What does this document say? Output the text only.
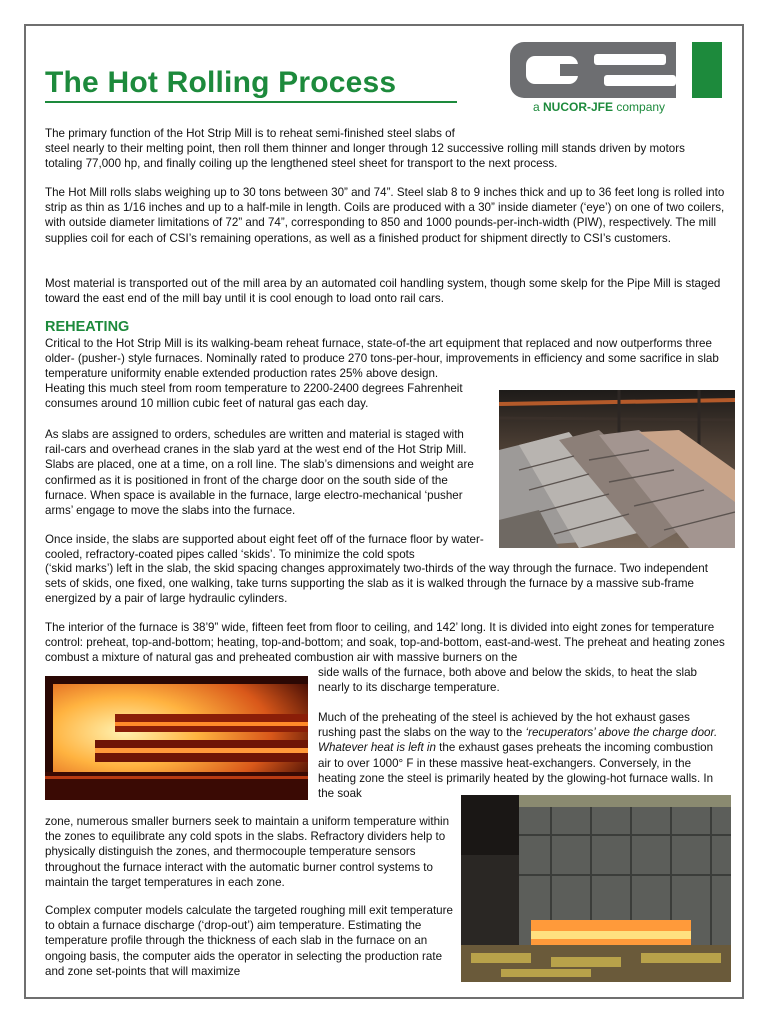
The Hot Rolling Process
a NUCOR-JFE company

The primary function of the Hot Strip Mill is to reheat semi-finished steel slabs of

steel nearly to their melting point, then roll them thinner and longer through 12 successive rolling mill stands driven by motors totaling 77,000 hp, and finally coiling up the lengthened steel sheet for transport to the next process.

The Hot Mill rolls slabs weighing up to 30 tons between 30” and 74”. Steel slab 8 to 9 inches thick and up to 36 feet long is rolled into strip as thin as 1/16 inches and up to a half-mile in length. Coils are produced with a 30” inside diameter (‘eye’) on one of two coilers, with outside diameter limitations of 72” and 74”, corresponding to 850 and 1000 pounds-per-inch-width (PIW), respectively. The mill supplies coil for each of CSI’s remaining operations, as well as a finished product for shipment directly to CSI’s customers.

Most material is transported out of the mill area by an automated coil handling system, though some skelp for the Pipe Mill is staged toward the east end of the mill bay until it is cool enough to load onto rail cars.

REHEATING

Critical to the Hot Strip Mill is its walking-beam reheat furnace, state-of-the art equipment that replaced and now outperforms three older- (pusher-) style furnaces. Nominally rated to produce 270 tons-per-hour, improvements in efficiency and some sacrifice in slab temperature uniformity enable extended production rates 25% above design.

Heating this much steel from room temperature to 2200-2400 degrees Fahrenheit consumes around 10 million cubic feet of natural gas each day.

As slabs are assigned to orders, schedules are written and material is staged with rail-cars and overhead cranes in the slab yard at the west end of the Hot Strip Mill. Slabs are placed, one at a time, on a roll line. The slab’s dimensions and weight are confirmed as it is positioned in front of the charge door on the south side of the furnace. When space is available in the furnace, large electro-mechanical ‘pusher arms’ engage to move the slabs into the furnace.

Once inside, the slabs are supported about eight feet off of the furnace floor by water-cooled, refractory-coated pipes called ‘skids’. To minimize the cold spots

(‘skid marks’) left in the slab, the skid spacing changes approximately two-thirds of the way through the furnace. Two independent sets of skids, one fixed, one walking, take turns supporting the slab as it is walked through the furnace by a massive sub-frame energized by a pair of large hydraulic cylinders.

The interior of the furnace is 38’9” wide, fifteen feet from floor to ceiling, and 142’ long. It is divided into eight zones for temperature control: preheat, top-and-bottom; heating, top-and-bottom; and soak, top-and-bottom, east-and-west. The preheat and heating zones combust a mixture of natural gas and preheated combustion air with massive burners on the

side walls of the furnace, both above and below the skids, to heat the slab nearly to its discharge temperature.

Much of the preheating of the steel is achieved by the hot exhaust gases rushing past the slabs on the way to the ‘recuperators’ above the charge door. Whatever heat is left in the exhaust gases preheats the incoming combustion air to over 1000° F in these massive heat-exchangers. Conversely, in the heating zone the steel is primarily heated by the glowing-hot furnace walls. In the soak

zone, numerous smaller burners seek to maintain a uniform temperature within the zones to equilibrate any cold spots in the slabs. Refractory dividers help to physically distinguish the zones, and thermocouple temperature sensors throughout the furnace interact with the automatic burner control systems to maintain the target temperatures in each zone.

Complex computer models calculate the targeted roughing mill exit temperature to obtain a furnace discharge (‘drop-out’) aim temperature. Estimating the temperature profile through the thickness of each slab in the furnace on an ongoing basis, the computer aids the operator in selecting the production rate and zone set-points that will maximize
